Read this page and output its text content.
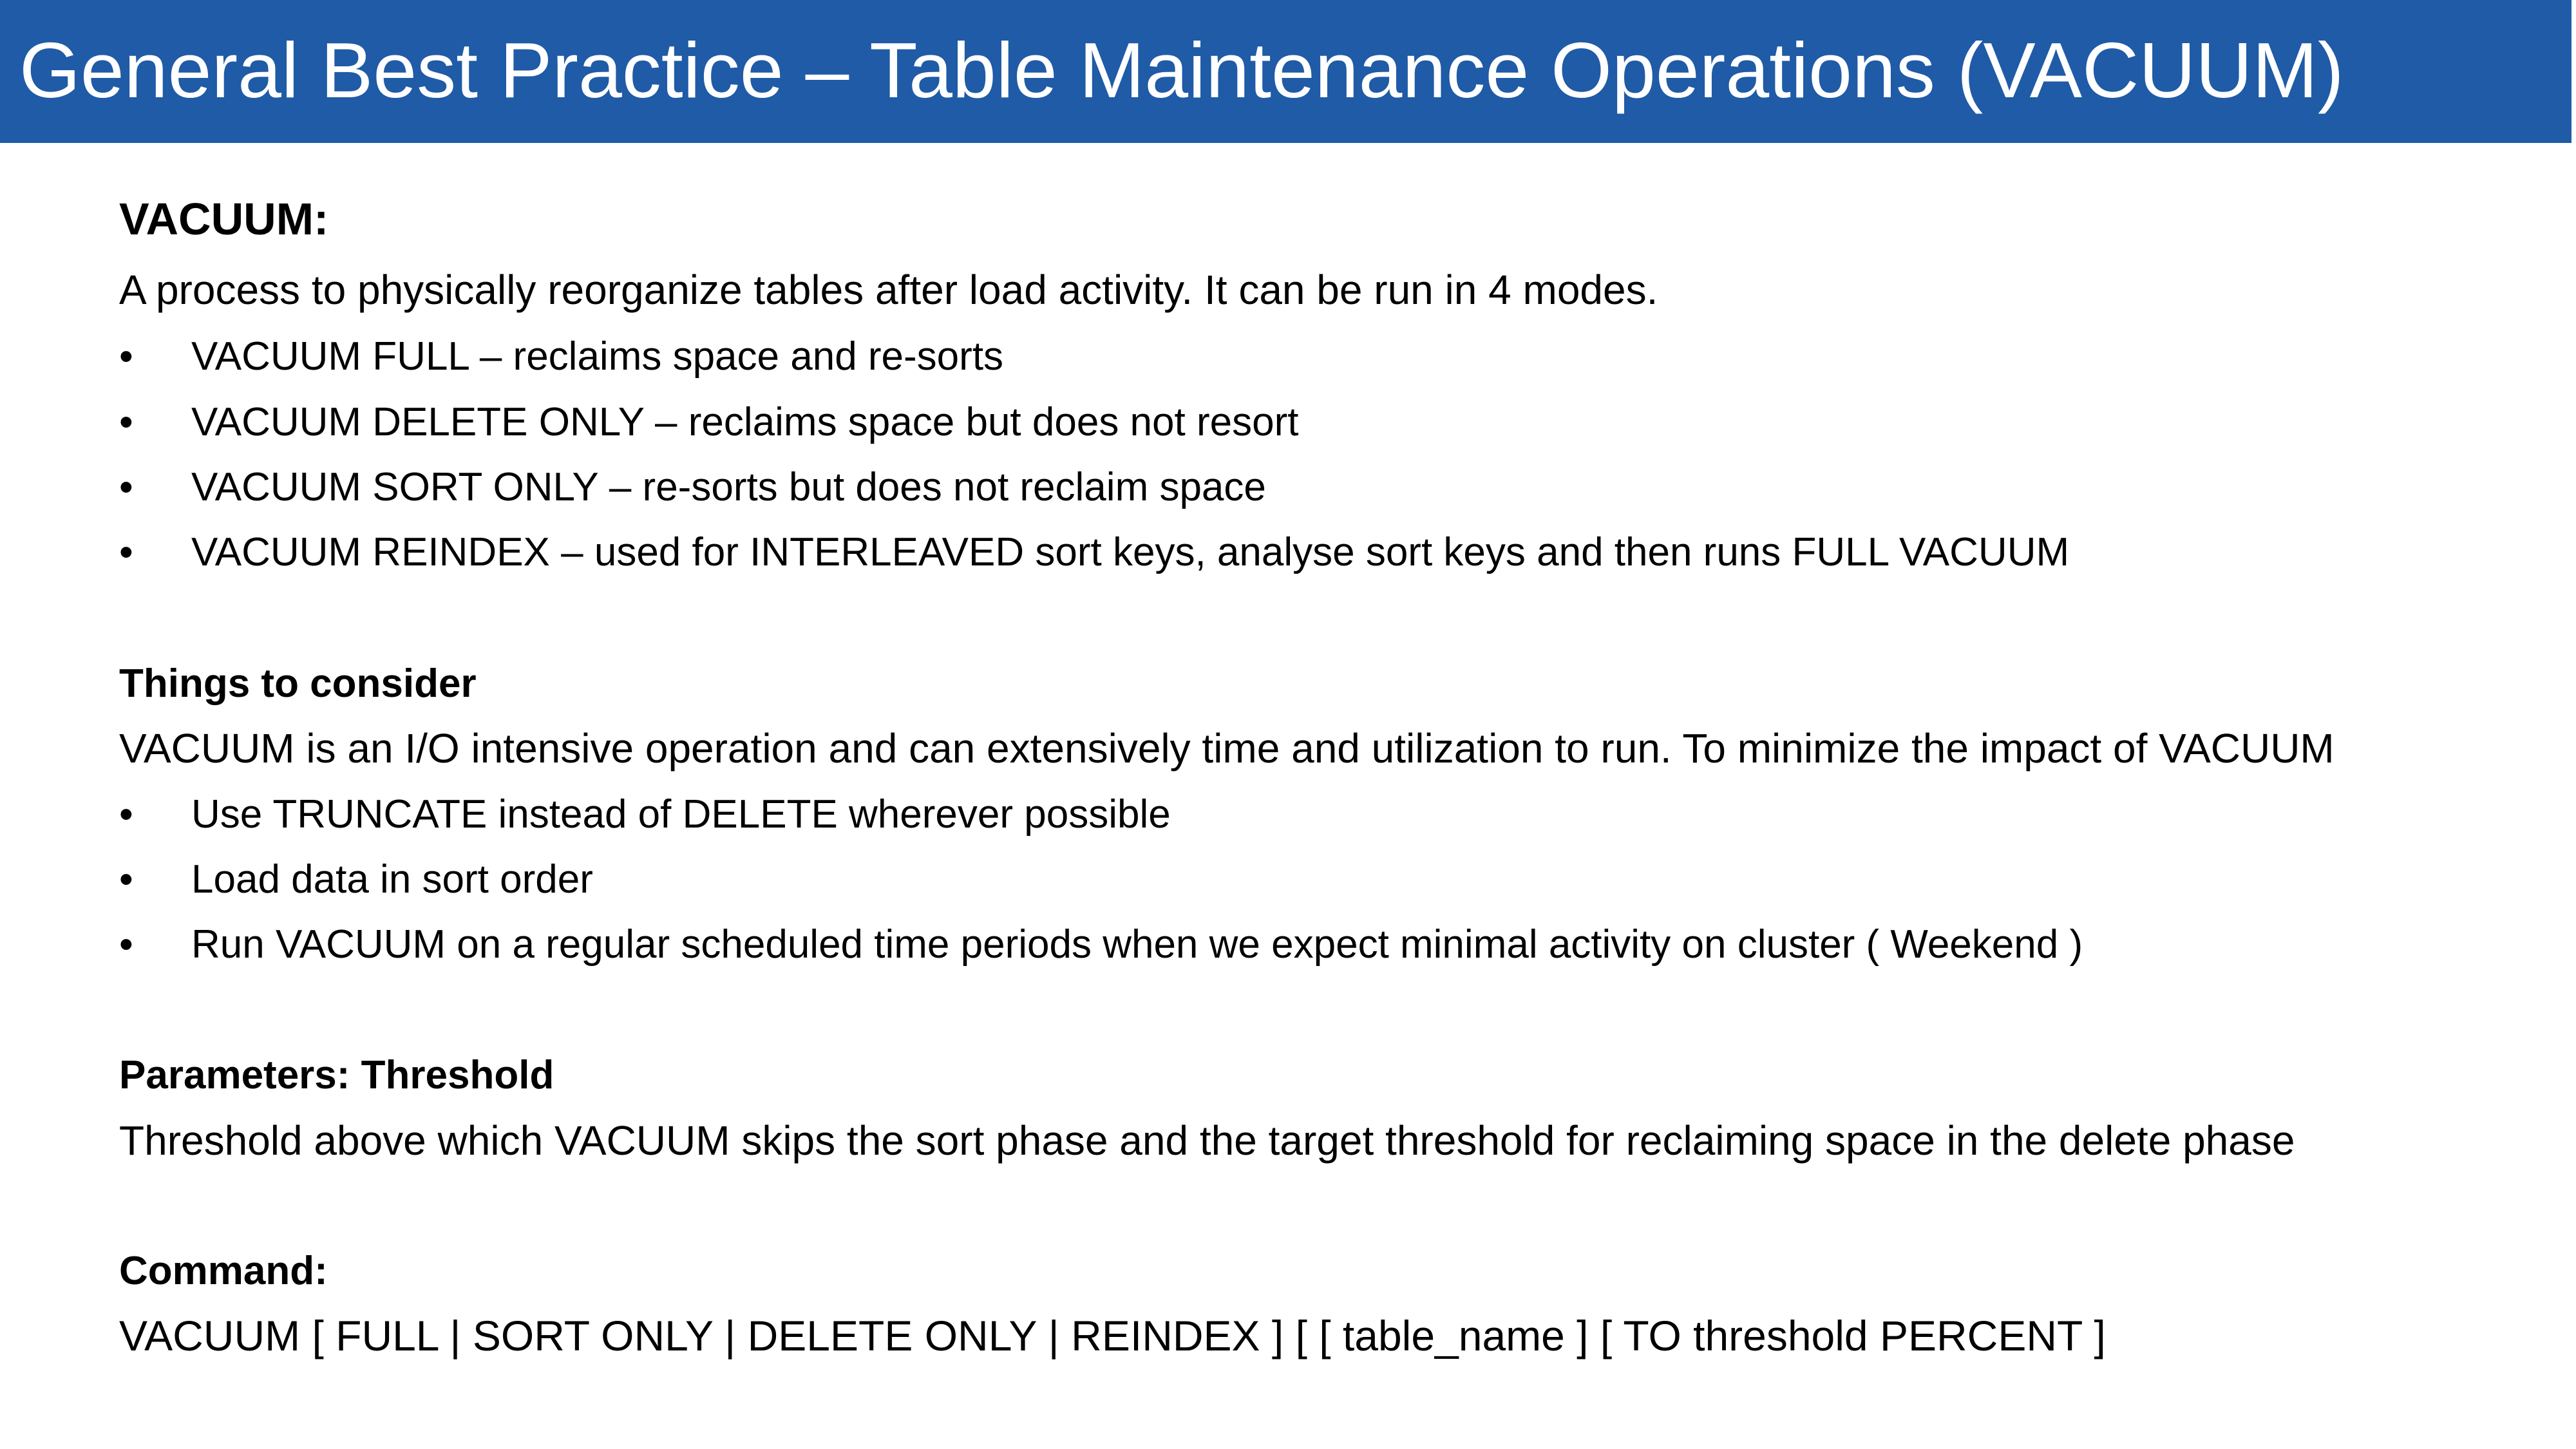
General Best Practice – Table Maintenance Operations (VACUUM)
VACUUM:
A process to physically reorganize tables after load activity. It can be run in 4 modes.
• VACUUM FULL – reclaims space and re-sorts
• VACUUM DELETE ONLY – reclaims space but does not resort
• VACUUM SORT ONLY – re-sorts but does not reclaim space
• VACUUM REINDEX – used for INTERLEAVED sort keys, analyse sort keys and then runs FULL VACUUM
Things to consider
VACUUM is an I/O intensive operation and can extensively time and utilization to run. To minimize the impact of VACUUM
• Use TRUNCATE instead of DELETE wherever possible
• Load data in sort order
• Run VACUUM on a regular scheduled time periods when we expect minimal activity on cluster ( Weekend )
Parameters: Threshold
Threshold above which VACUUM skips the sort phase and the target threshold for reclaiming space in the delete phase
Command:
VACUUM [ FULL | SORT ONLY | DELETE ONLY | REINDEX ] [ [ table_name ] [ TO threshold PERCENT ]
